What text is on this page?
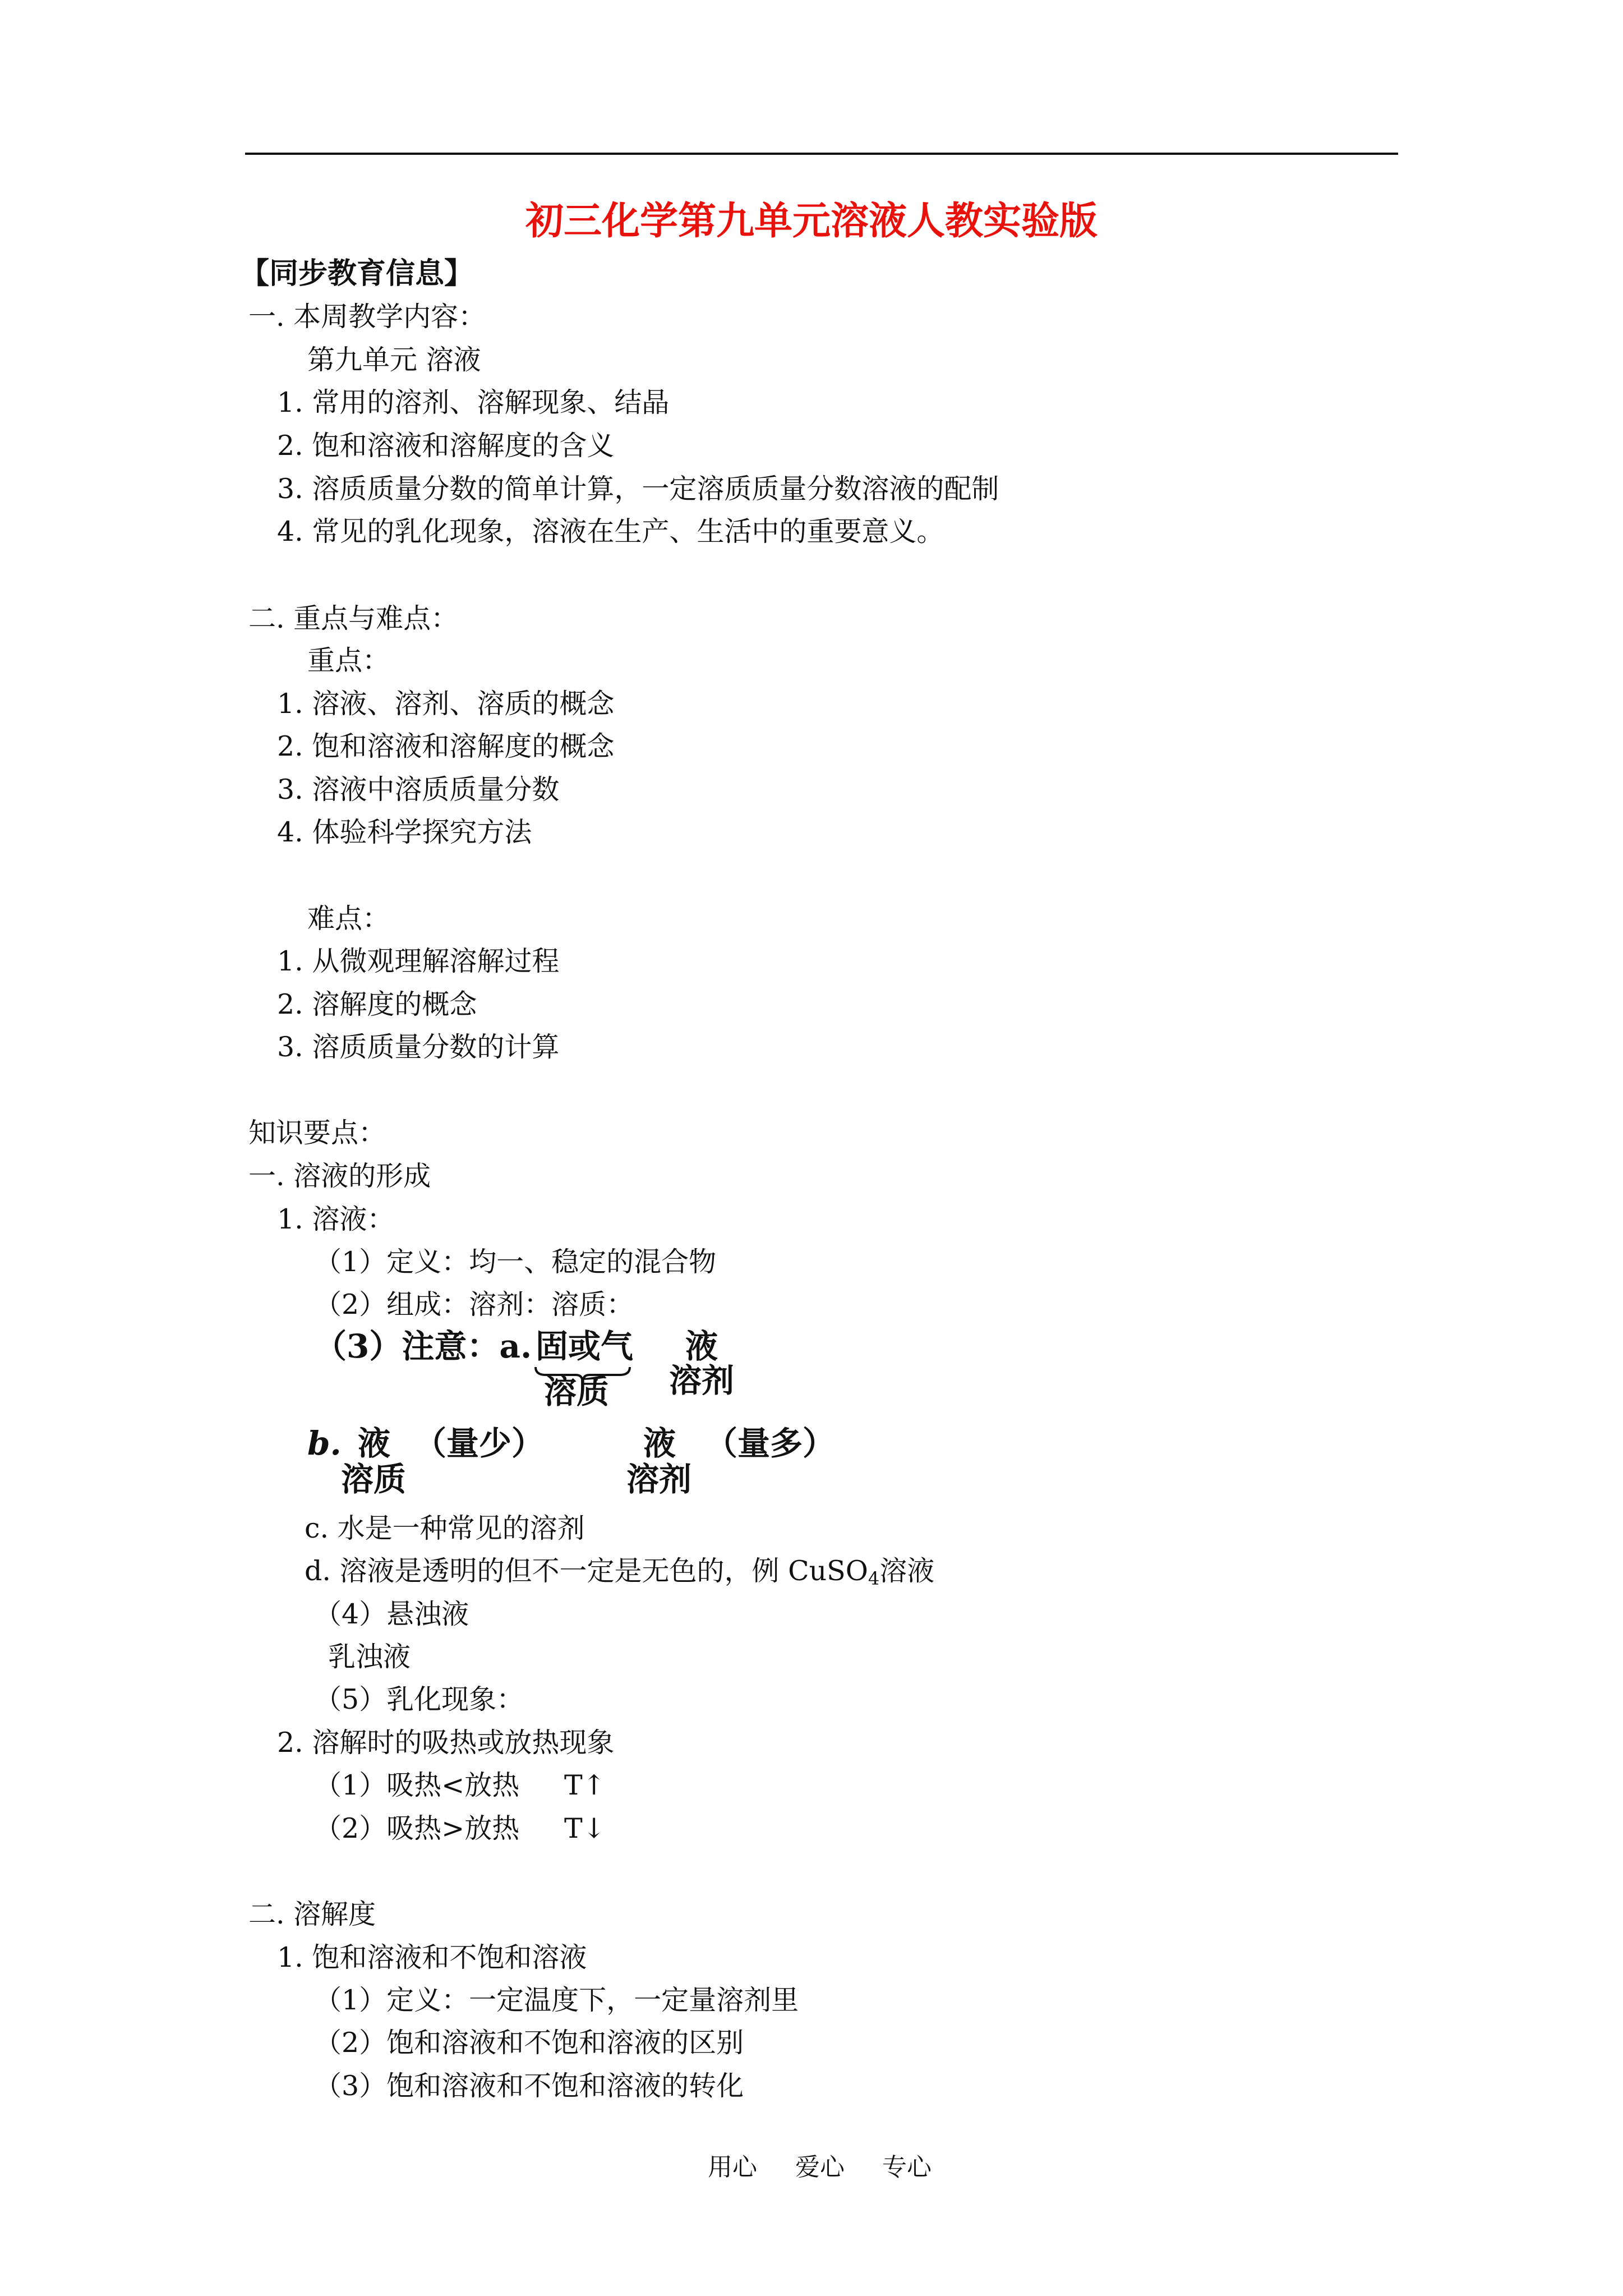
初三化学第九单元溶液人教实验版
【同步教育信息】
一. 本周教学内容：
第九单元 溶液
1. 常用的溶剂、溶解现象、结晶
2. 饱和溶液和溶解度的含义
3. 溶质质量分数的简单计算，一定溶质质量分数溶液的配制
4. 常见的乳化现象，溶液在生产、生活中的重要意义。
二. 重点与难点：
重点：
1. 溶液、溶剂、溶质的概念
2. 饱和溶液和溶解度的概念
3. 溶液中溶质质量分数
4. 体验科学探究方法
难点：
1. 从微观理解溶解过程
2. 溶解度的概念
3. 溶质质量分数的计算
知识要点：
一. 溶液的形成
1. 溶液：
（1）定义：均一、稳定的混合物
（2）组成：溶剂：溶质：
（3）注意：a. 固或气
溶质
液
溶剂
b. 液 （量少）
溶质
液 （量多）
溶剂
c. 水是一种常见的溶剂
d. 溶液是透明的但不一定是无色的，例 CuSO$_4$溶液
（4）悬浊液
乳浊液
（5）乳化现象：
2. 溶解时的吸热或放热现象
（1）吸热<放热 T↑
（2）吸热>放热 T↓
二. 溶解度
1. 饱和溶液和不饱和溶液
（1）定义：一定温度下，一定量溶剂里
（2）饱和溶液和不饱和溶液的区别
（3）饱和溶液和不饱和溶液的转化
用心 爱心 专心
